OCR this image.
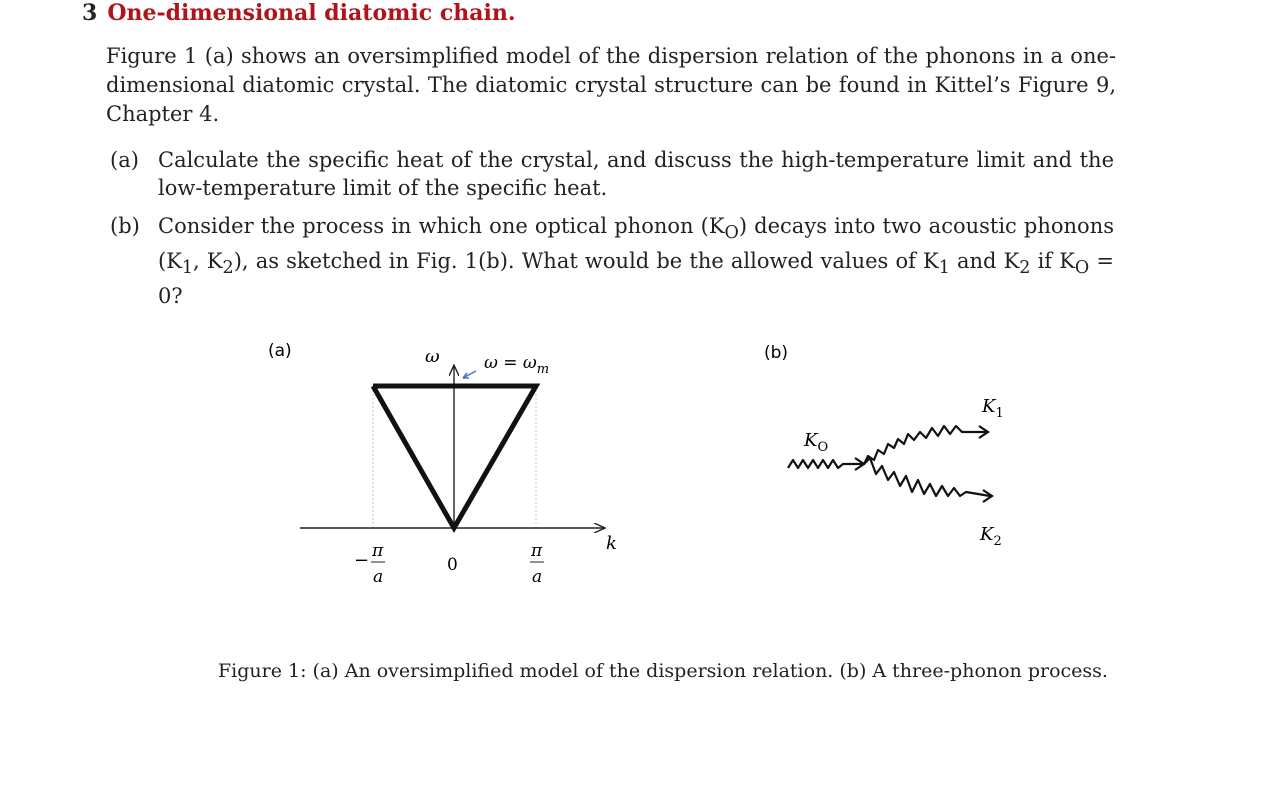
3 One-dimensional diatomic chain.
Figure 1 (a) shows an oversimplified model of the dispersion relation of the phonons in a one-dimensional diatomic crystal. The diatomic crystal structure can be found in Kittel’s Figure 9, Chapter 4.
(a) Calculate the specific heat of the crystal, and discuss the high-temperature limit and the low-temperature limit of the specific heat.
(b) Consider the process in which one optical phonon $(K_O)$ decays into two acoustic phonons ($K_1$, $K_2$), as sketched in Fig. 1(b). What would be the allowed values of $K_1$ and $K_2$ if $K_O = 0$?
(a)	ω	$\omega = \omega_m$
k
− π
a
0
π
a
(b)
$K_O$
$K_1$
$K_2$
Figure 1: (a) An oversimplified model of the dispersion relation. (b) A three-phonon process.
